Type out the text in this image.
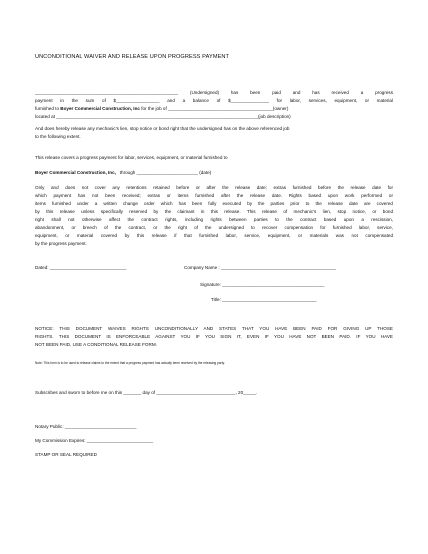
UNCONDITIONAL WAIVER AND RELEASE UPON PROGRESS PAYMENT
________________________________________________________ (Undersigned) has been paid and has received a progress
payment in the sum of $_________________ and a balance of $_______________ for labor, services, equipment, or material
furnished to Boyer Commercial Construction, Inc for the job of _________________________________________(owner)
located at _______________________________________________________________________________(job description)
And does hereby release any mechanic's lien, stop notice or bond right that the undersigned has on the above referenced job
to the following extent.
This release covers a progress payment for labor, services, equipment, or material furnished to
Boyer Commercial Construction, Inc,   through ________________________ (date)
Only and does not cover any retentions retained before or after the release date; extras furnished before the release date for
which payment has not been received; extras or items furnished after the release date. Rights based upon work performed or
items furnished under a written change order which has been fully executed by the parties prior to the release date are covered
by this release unless specifically reserved by the claimant in this release. This release of mechanic's lien, stop notice, or bond
right shall not otherwise affect the contract rights, including rights between parties to the contract based upon a rescission,
abandonment, or breech of the contract, or the right of the undersigned to recover compensation for furnished labor, service,
equipment, or material covered by this release if that furnished labor, service, equipment, or materials was not compensated
by the progress payment.
Dated: ______________________________	Company Name : _____________________________________________
Signature: ________________________________________
Title: _____________________________________
NOTICE: THIS DOCUMENT WAIVES RIGHTS UNCONDITIONALLY AND STATES THAT YOU HAVE BEEN PAID FOR GIVING UP THOSE
RIGHTS. THIS DOCUMENT IS ENFORCEABLE AGAINST YOU IF YOU SIGN IT, EVEN IF YOU HAVE NOT BEEN PAID. IF YOU HAVE
NOT BEEN PAID, USE A CONDITIONAL RELEASE FORM.
Note: This form is to be used to release claims to the extent that a progress payment has actually been received by the releasing party.
Subscribes and sworn to before me on this _______ day of _______________________________, 20_____.
Notary Public: ____________________________
My Commission Expires: __________________________
STAMP OR SEAL REQUIRED
